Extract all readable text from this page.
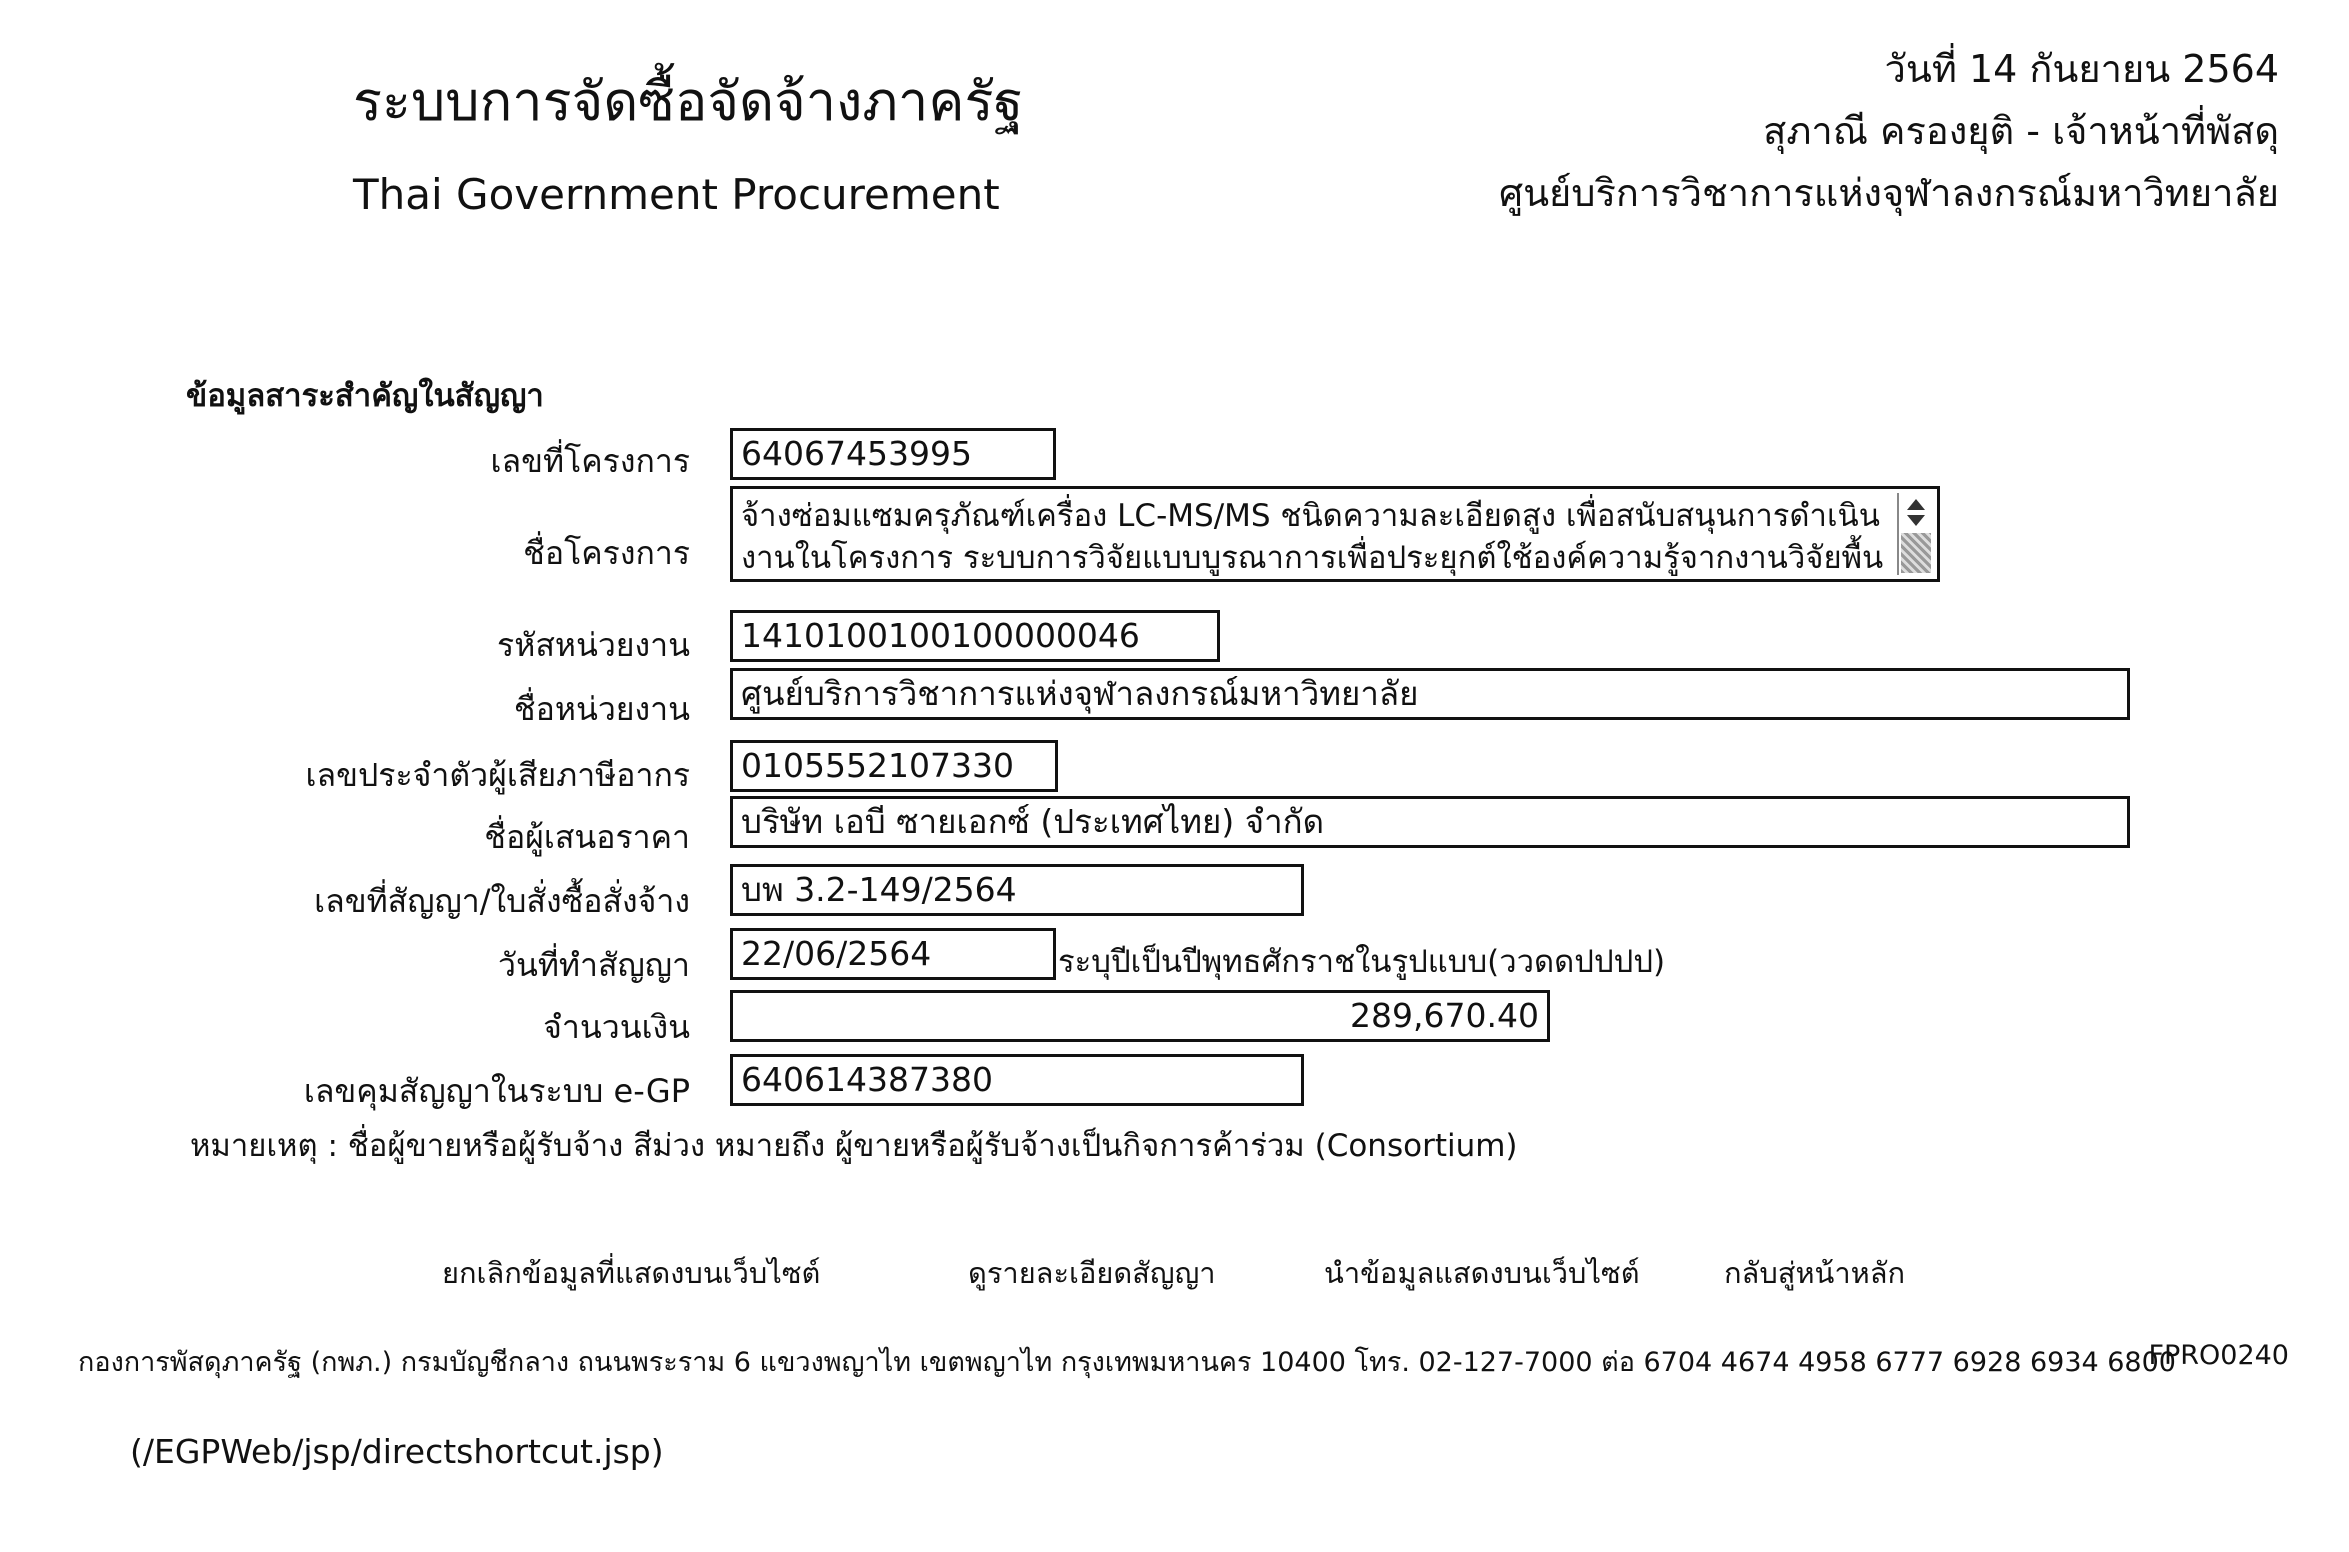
ระบบการจัดซื้อจัดจ้างภาครัฐ
Thai Government Procurement
วันที่ 14 กันยายน 2564
สุภาณี ครองยุติ - เจ้าหน้าที่พัสดุ
ศูนย์บริการวิชาการแห่งจุฬาลงกรณ์มหาวิทยาลัย
ข้อมูลสาระสำคัญในสัญญา
เลขที่โครงการ	64067453995
ชื่อโครงการ
จ้างซ่อมแซมครุภัณฑ์เครื่อง LC-MS/MS ชนิดความละเอียดสูง เพื่อสนับสนุนการดำเนิน
งานในโครงการ ระบบการวิจัยแบบบูรณาการเพื่อประยุกต์ใช้องค์ความรู้จากงานวิจัยพื้น
รหัสหน่วยงาน	1410100100100000046
ชื่อหน่วยงาน	ศูนย์บริการวิชาการแห่งจุฬาลงกรณ์มหาวิทยาลัย
เลขประจำตัวผู้เสียภาษีอากร	0105552107330
ชื่อผู้เสนอราคา	บริษัท เอบี ซายเอกซ์ (ประเทศไทย) จำกัด
เลขที่สัญญา/ใบสั่งซื้อสั่งจ้าง	บพ 3.2-149/2564
วันที่ทำสัญญา	22/06/2564	ระบุปีเป็นปีพุทธศักราชในรูปแบบ(ววดดปปปป)
จำนวนเงิน	289,670.40
เลขคุมสัญญาในระบบ e-GP	640614387380
หมายเหตุ : ชื่อผู้ขายหรือผู้รับจ้าง สีม่วง หมายถึง ผู้ขายหรือผู้รับจ้างเป็นกิจการค้าร่วม (Consortium)
ยกเลิกข้อมูลที่แสดงบนเว็บไซต์	ดูรายละเอียดสัญญา	นำข้อมูลแสดงบนเว็บไซต์	กลับสู่หน้าหลัก
กองการพัสดุภาครัฐ (กพภ.) กรมบัญชีกลาง ถนนพระราม 6 แขวงพญาไท เขตพญาไท กรุงเทพมหานคร 10400 โทร. 02-127-7000 ต่อ 6704 4674 4958 6777 6928 6934 6800
FPRO0240
(/EGPWeb/jsp/directshortcut.jsp)
